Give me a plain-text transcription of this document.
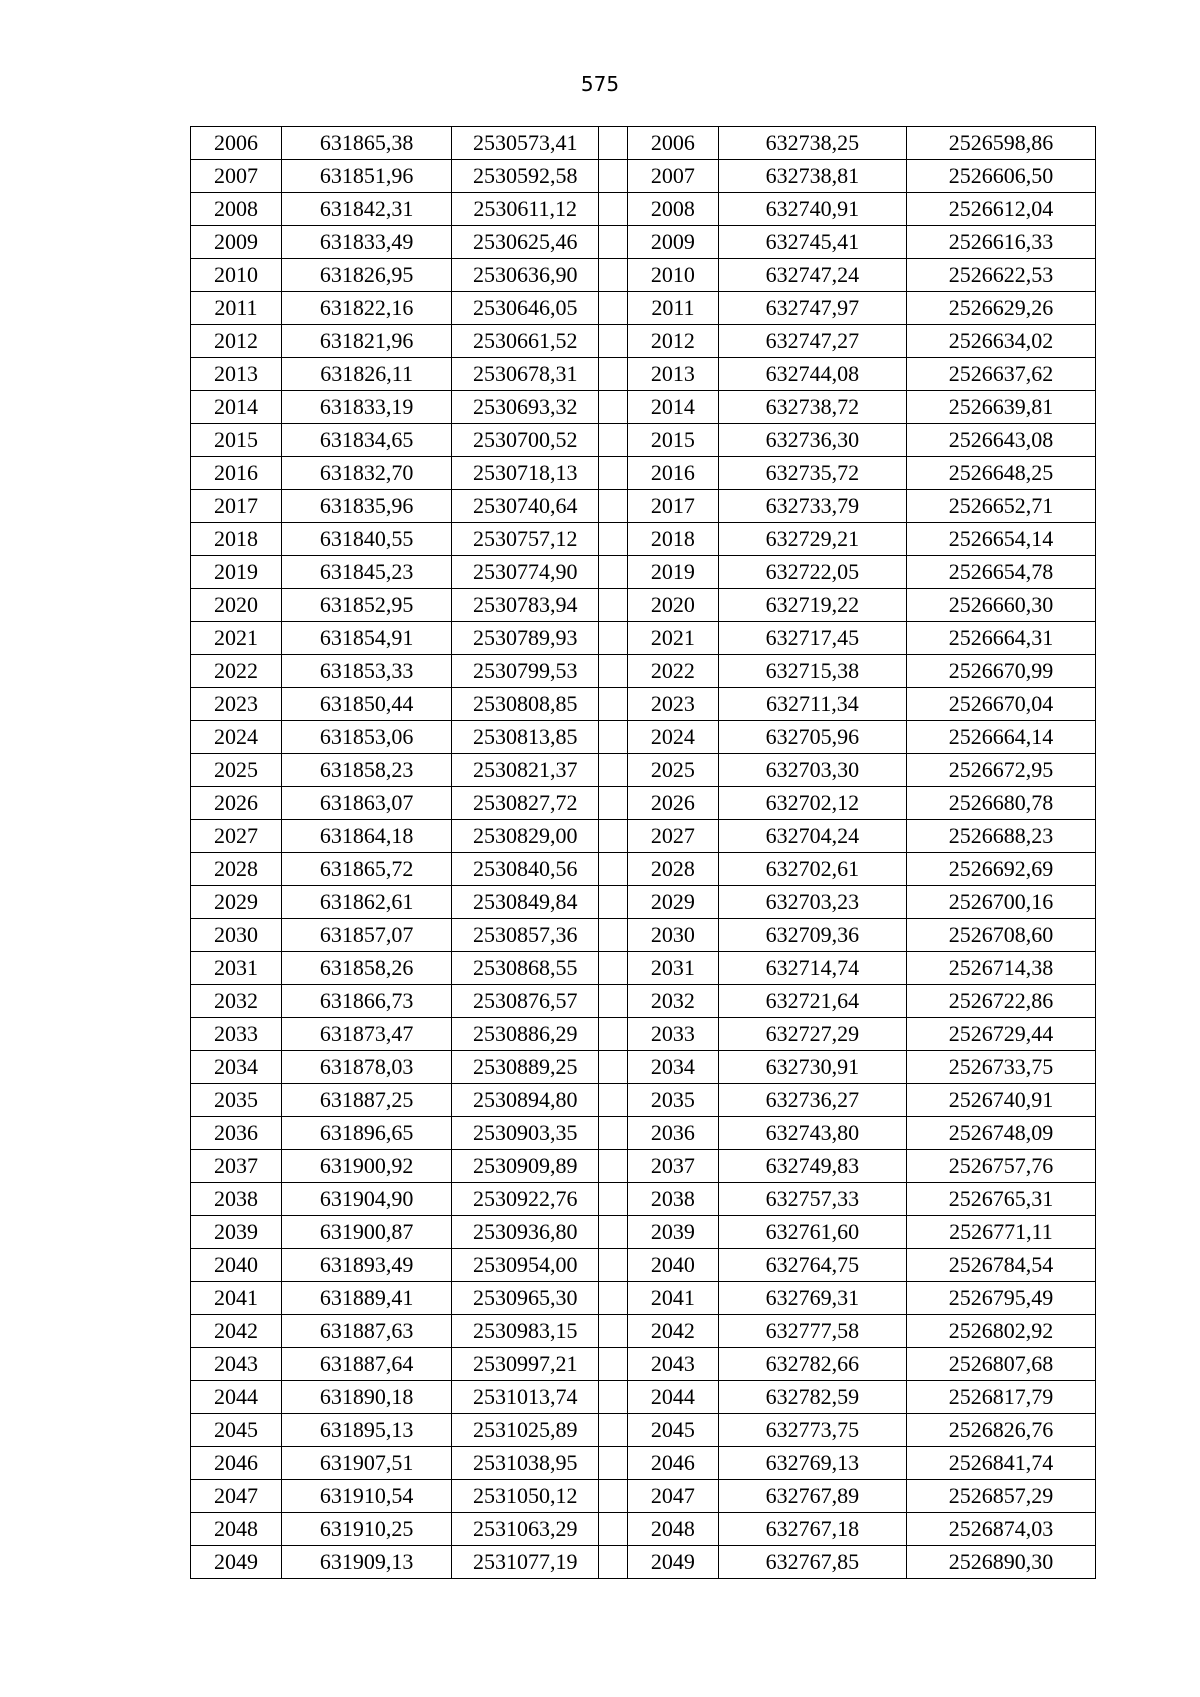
575
2006	631865,38	2530573,41		2006	632738,25	2526598,86
2007	631851,96	2530592,58		2007	632738,81	2526606,50
2008	631842,31	2530611,12		2008	632740,91	2526612,04
2009	631833,49	2530625,46		2009	632745,41	2526616,33
2010	631826,95	2530636,90		2010	632747,24	2526622,53
2011	631822,16	2530646,05		2011	632747,97	2526629,26
2012	631821,96	2530661,52		2012	632747,27	2526634,02
2013	631826,11	2530678,31		2013	632744,08	2526637,62
2014	631833,19	2530693,32		2014	632738,72	2526639,81
2015	631834,65	2530700,52		2015	632736,30	2526643,08
2016	631832,70	2530718,13		2016	632735,72	2526648,25
2017	631835,96	2530740,64		2017	632733,79	2526652,71
2018	631840,55	2530757,12		2018	632729,21	2526654,14
2019	631845,23	2530774,90		2019	632722,05	2526654,78
2020	631852,95	2530783,94		2020	632719,22	2526660,30
2021	631854,91	2530789,93		2021	632717,45	2526664,31
2022	631853,33	2530799,53		2022	632715,38	2526670,99
2023	631850,44	2530808,85		2023	632711,34	2526670,04
2024	631853,06	2530813,85		2024	632705,96	2526664,14
2025	631858,23	2530821,37		2025	632703,30	2526672,95
2026	631863,07	2530827,72		2026	632702,12	2526680,78
2027	631864,18	2530829,00		2027	632704,24	2526688,23
2028	631865,72	2530840,56		2028	632702,61	2526692,69
2029	631862,61	2530849,84		2029	632703,23	2526700,16
2030	631857,07	2530857,36		2030	632709,36	2526708,60
2031	631858,26	2530868,55		2031	632714,74	2526714,38
2032	631866,73	2530876,57		2032	632721,64	2526722,86
2033	631873,47	2530886,29		2033	632727,29	2526729,44
2034	631878,03	2530889,25		2034	632730,91	2526733,75
2035	631887,25	2530894,80		2035	632736,27	2526740,91
2036	631896,65	2530903,35		2036	632743,80	2526748,09
2037	631900,92	2530909,89		2037	632749,83	2526757,76
2038	631904,90	2530922,76		2038	632757,33	2526765,31
2039	631900,87	2530936,80		2039	632761,60	2526771,11
2040	631893,49	2530954,00		2040	632764,75	2526784,54
2041	631889,41	2530965,30		2041	632769,31	2526795,49
2042	631887,63	2530983,15		2042	632777,58	2526802,92
2043	631887,64	2530997,21		2043	632782,66	2526807,68
2044	631890,18	2531013,74		2044	632782,59	2526817,79
2045	631895,13	2531025,89		2045	632773,75	2526826,76
2046	631907,51	2531038,95		2046	632769,13	2526841,74
2047	631910,54	2531050,12		2047	632767,89	2526857,29
2048	631910,25	2531063,29		2048	632767,18	2526874,03
2049	631909,13	2531077,19		2049	632767,85	2526890,30
